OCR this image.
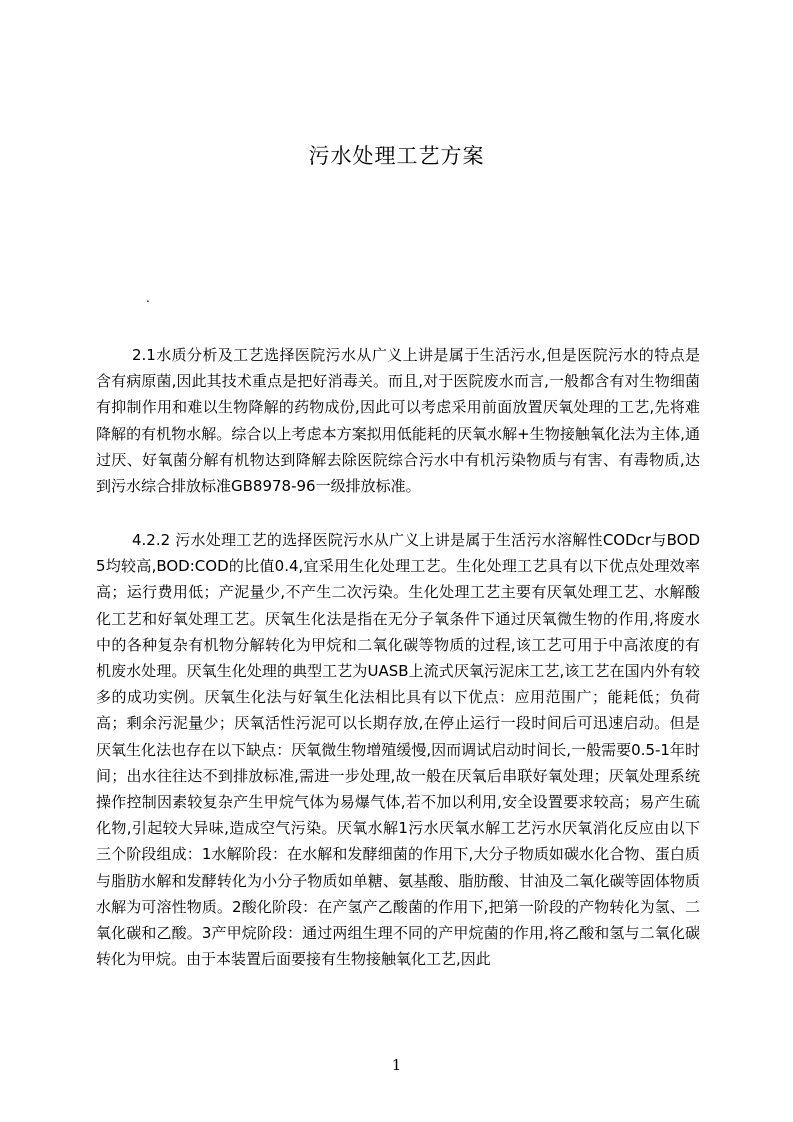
污水处理工艺方案
.

2.1水质分析及工艺选择医院污水从广义上讲是属于生活污水,但是医院污水的特点是含有病原菌,因此其技术重点是把好消毒关。而且,对于医院废水而言,一般都含有对生物细菌有抑制作用和难以生物降解的药物成份,因此可以考虑采用前面放置厌氧处理的工艺,先将难降解的有机物水解。综合以上考虑本方案拟用低能耗的厌氧水解+生物接触氧化法为主体,通过厌、好氧菌分解有机物达到降解去除医院综合污水中有机污染物质与有害、有毒物质,达到污水综合排放标准GB8978-96一级排放标准。

4.2.2 污水处理工艺的选择医院污水从广义上讲是属于生活污水溶解性CODcr与BOD5均较高,BOD:COD的比值0.4,宜采用生化处理工艺。生化处理工艺具有以下优点处理效率高；运行费用低；产泥量少,不产生二次污染。生化处理工艺主要有厌氧处理工艺、水解酸化工艺和好氧处理工艺。厌氧生化法是指在无分子氧条件下通过厌氧微生物的作用,将废水中的各种复杂有机物分解转化为甲烷和二氧化碳等物质的过程,该工艺可用于中高浓度的有机废水处理。厌氧生化处理的典型工艺为UASB上流式厌氧污泥床工艺,该工艺在国内外有较多的成功实例。厌氧生化法与好氧生化法相比具有以下优点：应用范围广；能耗低；负荷高；剩余污泥量少；厌氧活性污泥可以长期存放,在停止运行一段时间后可迅速启动。但是厌氧生化法也存在以下缺点：厌氧微生物增殖缓慢,因而调试启动时间长,一般需要0.5-1年时间；出水往往达不到排放标准,需进一步处理,故一般在厌氧后串联好氧处理；厌氧处理系统操作控制因素较复杂产生甲烷气体为易爆气体,若不加以利用,安全设置要求较高；易产生硫化物,引起较大异味,造成空气污染。厌氧水解1污水厌氧水解工艺污水厌氧消化反应由以下三个阶段组成：1水解阶段：在水解和发酵细菌的作用下,大分子物质如碳水化合物、蛋白质与脂肪水解和发酵转化为小分子物质如单糖、氨基酸、脂肪酸、甘油及二氧化碳等固体物质水解为可溶性物质。2酸化阶段：在产氢产乙酸菌的作用下,把第一阶段的产物转化为氢、二氧化碳和乙酸。3产甲烷阶段：通过两组生理不同的产甲烷菌的作用,将乙酸和氢与二氧化碳转化为甲烷。由于本装置后面要接有生物接触氧化工艺,因此

1
